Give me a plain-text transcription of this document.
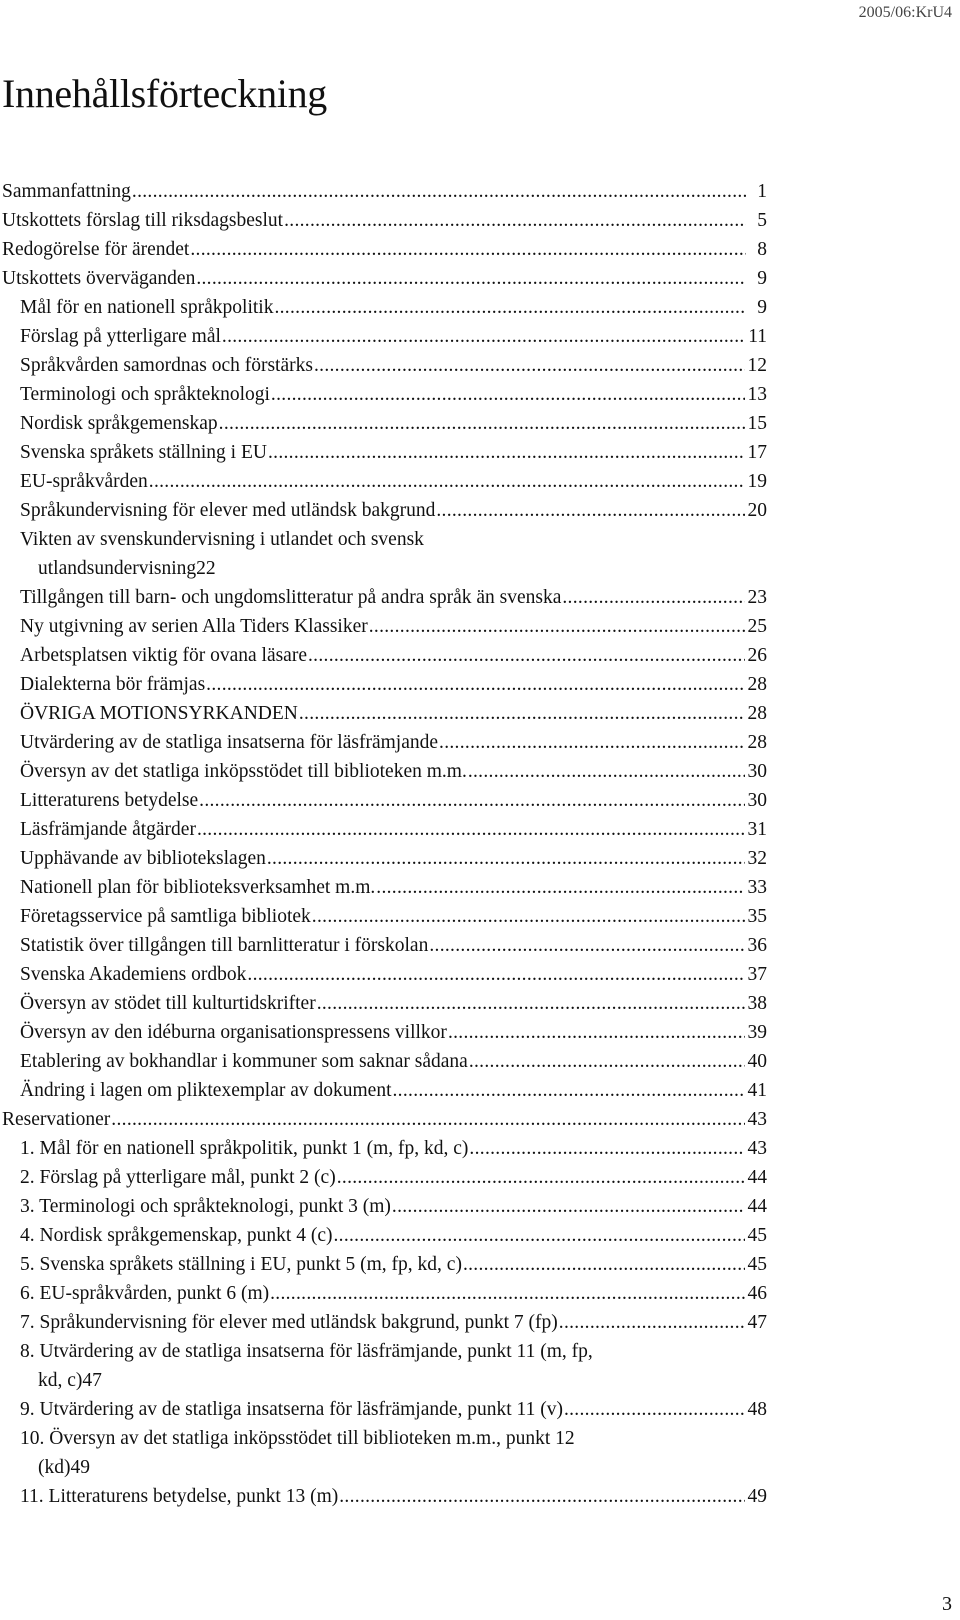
2005/06:KrU4
Innehållsförteckning
Sammanfattning .....	1
Utskottets förslag till riksdagsbeslut .....	5
Redogörelse för ärendet .....	8
Utskottets överväganden .....	9
Mål för en nationell språkpolitik .....	9
Förslag på ytterligare mål .....	11
Språkvården samordnas och förstärks .....	12
Terminologi och språkteknologi .....	13
Nordisk språkgemenskap .....	15
Svenska språkets ställning i EU .....	17
EU-språkvården .....	19
Språkundervisning för elever med utländsk bakgrund .....	20
Vikten av svenskundervisning i utlandet och svensk
utlandsundervisning 22
Tillgången till barn- och ungdomslitteratur på andra språk än svenska .....	23
Ny utgivning av serien Alla Tiders Klassiker .....	25
Arbetsplatsen viktig för ovana läsare .....	26
Dialekterna bör främjas .....	28
ÖVRIGA MOTIONSYRKANDEN .....	28
Utvärdering av de statliga insatserna för läsfrämjande .....	28
Översyn av det statliga inköpsstödet till biblioteken m.m. .....	30
Litteraturens betydelse .....	30
Läsfrämjande åtgärder .....	31
Upphävande av bibliotekslagen .....	32
Nationell plan för biblioteksverksamhet m.m. .....	33
Företagsservice på samtliga bibliotek .....	35
Statistik över tillgången till barnlitteratur i förskolan .....	36
Svenska Akademiens ordbok .....	37
Översyn av stödet till kulturtidskrifter .....	38
Översyn av den idéburna organisationspressens villkor .....	39
Etablering av bokhandlar i kommuner som saknar sådana .....	40
Ändring i lagen om pliktexemplar av dokument .....	41
Reservationer .....	43
1. Mål för en nationell språkpolitik, punkt 1 (m, fp, kd, c) .....	43
2. Förslag på ytterligare mål, punkt 2 (c) .....	44
3. Terminologi och språkteknologi, punkt 3 (m) .....	44
4. Nordisk språkgemenskap, punkt 4 (c) .....	45
5. Svenska språkets ställning i EU, punkt 5 (m, fp, kd, c) .....	45
6. EU-språkvården, punkt 6 (m) .....	46
7. Språkundervisning för elever med utländsk bakgrund, punkt 7 (fp) .....	47
8. Utvärdering av de statliga insatserna för läsfrämjande, punkt 11 (m, fp,
kd, c) 47
9. Utvärdering av de statliga insatserna för läsfrämjande, punkt 11 (v) .....	48
10. Översyn av det statliga inköpsstödet till biblioteken m.m., punkt 12
(kd) 49
11. Litteraturens betydelse, punkt 13 (m) .....	49
3
